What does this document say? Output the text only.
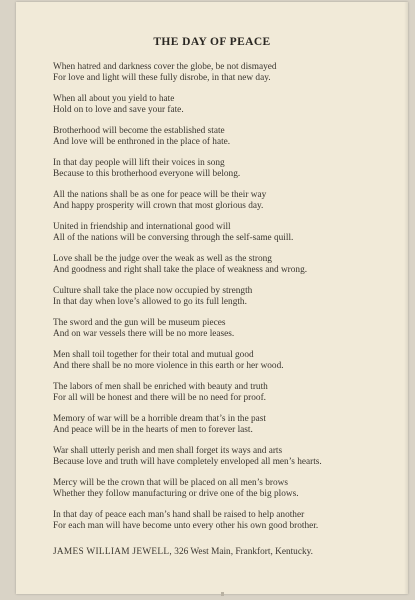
THE DAY OF PEACE
When hatred and darkness cover the globe, be not dismayed
For love and light will these fully disrobe, in that new day.
When all about you yield to hate
Hold on to love and save your fate.
Brotherhood will become the established state
And love will be enthroned in the place of hate.
In that day people will lift their voices in song
Because to this brotherhood everyone will belong.
All the nations shall be as one for peace will be their way
And happy prosperity will crown that most glorious day.
United in friendship and international good will
All of the nations will be conversing through the self-same quill.
Love shall be the judge over the weak as well as the strong
And goodness and right shall take the place of weakness and wrong.
Culture shall take the place now occupied by strength
In that day when love’s allowed to go its full length.
The sword and the gun will be museum pieces
And on war vessels there will be no more leases.
Men shall toil together for their total and mutual good
And there shall be no more violence in this earth or her wood.
The labors of men shall be enriched with beauty and truth
For all will be honest and there will be no need for proof.
Memory of war will be a horrible dream that’s in the past
And peace will be in the hearts of men to forever last.
War shall utterly perish and men shall forget its ways and arts
Because love and truth will have completely enveloped all men’s hearts.
Mercy will be the crown that will be placed on all men’s brows
Whether they follow manufacturing or drive one of the big plows.
In that day of peace each man’s hand shall be raised to help another
For each man will have become unto every other his own good brother.
JAMES WILLIAM JEWELL, 326 West Main, Frankfort, Kentucky.
